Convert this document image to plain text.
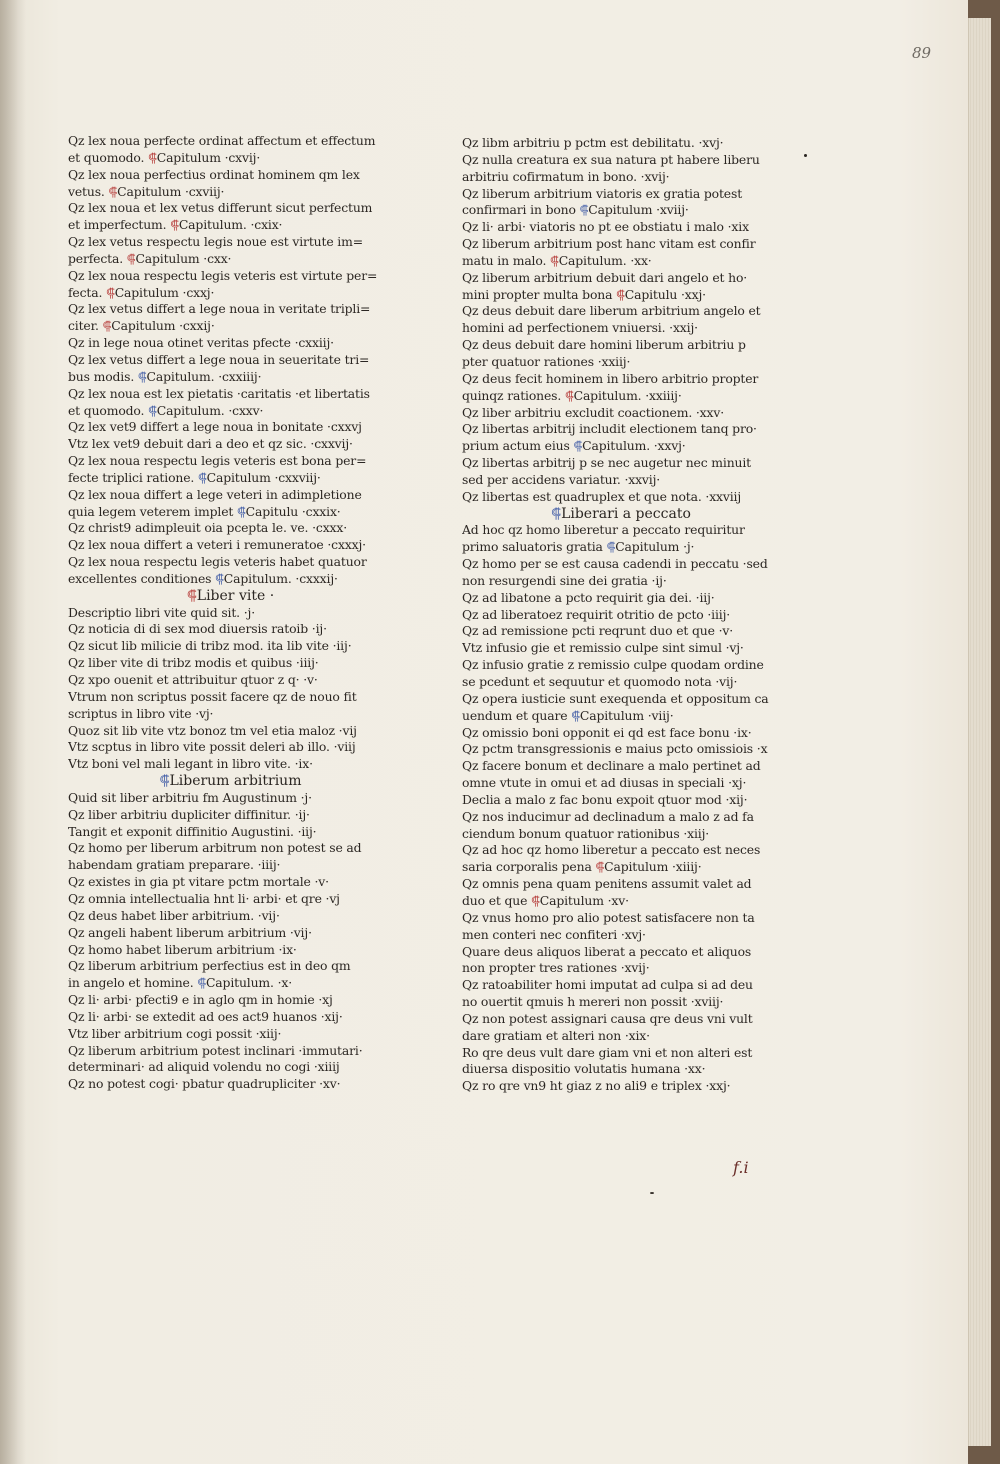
89
Qz lex noua perfecte ordinat affectum et effectum
et quomodo. ⸿Capitulum ·cxvij·
Qz lex noua perfectius ordinat hominem qm lex
vetus. ⸿Capitulum ·cxviij·
Qz lex noua et lex vetus differunt sicut perfectum
et imperfectum. ⸿Capitulum. ·cxix·
Qz lex vetus respectu legis noue est virtute im=
perfecta. ⸿Capitulum ·cxx·
Qz lex noua respectu legis veteris est virtute per=
fecta. ⸿Capitulum ·cxxj·
Qz lex vetus differt a lege noua in veritate tripli=
citer. ⸿Capitulum ·cxxij·
Qz in lege noua otinet veritas pfecte ·cxxiij·
Qz lex vetus differt a lege noua in seueritate tri=
bus modis. ⸿Capitulum. ·cxxiiij·
Qz lex noua est lex pietatis ·caritatis ·et libertatis
et quomodo. ⸿Capitulum. ·cxxv·
Qz lex vet9 differt a lege noua in bonitate ·cxxvj
Vtz lex vet9 debuit dari a deo et qz sic. ·cxxvij·
Qz lex noua respectu legis veteris est bona per=
fecte triplici ratione. ⸿Capitulum ·cxxviij·
Qz lex noua differt a lege veteri in adimpletione
quia legem veterem implet ⸿Capitulu ·cxxix·
Qz christ9 adimpleuit oia pcepta le. ve. ·cxxx·
Qz lex noua differt a veteri i remuneratoe ·cxxxj·
Qz lex noua respectu legis veteris habet quatuor
excellentes conditiones ⸿Capitulum. ·cxxxij·
⸿Liber vite ·
Descriptio libri vite quid sit. ·j·
Qz noticia di di sex mod diuersis ratoib ·ij·
Qz sicut lib milicie di tribz mod. ita lib vite ·iij·
Qz liber vite di tribz modis et quibus ·iiij·
Qz xpo ouenit et attribuitur qtuor z q· ·v·
Vtrum non scriptus possit facere qz de nouo fit
scriptus in libro vite ·vj·
Quoz sit lib vite vtz bonoz tm vel etia maloz ·vij
Vtz scptus in libro vite possit deleri ab illo. ·viij
Vtz boni vel mali legant in libro vite. ·ix·
⸿Liberum arbitrium
Quid sit liber arbitriu fm Augustinum ·j·
Qz liber arbitriu dupliciter diffinitur. ·ij·
Tangit et exponit diffinitio Augustini. ·iij·
Qz homo per liberum arbitrum non potest se ad
habendam gratiam preparare. ·iiij·
Qz existes in gia pt vitare pctm mortale ·v·
Qz omnia intellectualia hnt li· arbi· et qre ·vj
Qz deus habet liber arbitrium. ·vij·
Qz angeli habent liberum arbitrium ·vij·
Qz homo habet liberum arbitrium ·ix·
Qz liberum arbitrium perfectius est in deo qm
in angelo et homine. ⸿Capitulum. ·x·
Qz li· arbi· pfecti9 e in aglo qm in homie ·xj
Qz li· arbi· se extedit ad oes act9 huanos ·xij·
Vtz liber arbitrium cogi possit ·xiij·
Qz liberum arbitrium potest inclinari ·immutari·
determinari· ad aliquid volendu no cogi ·xiiij
Qz no potest cogi· pbatur quadrupliciter ·xv·
Qz libm arbitriu p pctm est debilitatu. ·xvj·
Qz nulla creatura ex sua natura pt habere liberu
arbitriu cofirmatum in bono. ·xvij·
Qz liberum arbitrium viatoris ex gratia potest
confirmari in bono ⸿Capitulum ·xviij·
Qz li· arbi· viatoris no pt ee obstiatu i malo ·xix
Qz liberum arbitrium post hanc vitam est confir
matu in malo. ⸿Capitulum. ·xx·
Qz liberum arbitrium debuit dari angelo et ho·
mini propter multa bona ⸿Capitulu ·xxj·
Qz deus debuit dare liberum arbitrium angelo et
homini ad perfectionem vniuersi. ·xxij·
Qz deus debuit dare homini liberum arbitriu p
pter quatuor rationes ·xxiij·
Qz deus fecit hominem in libero arbitrio propter
quinqz rationes. ⸿Capitulum. ·xxiiij·
Qz liber arbitriu excludit coactionem. ·xxv·
Qz libertas arbitrij includit electionem tanq pro·
prium actum eius ⸿Capitulum. ·xxvj·
Qz libertas arbitrij p se nec augetur nec minuit
sed per accidens variatur. ·xxvij·
Qz libertas est quadruplex et que nota. ·xxviij
⸿Liberari a peccato
Ad hoc qz homo liberetur a peccato requiritur
primo saluatoris gratia ⸿Capitulum ·j·
Qz homo per se est causa cadendi in peccatu ·sed
non resurgendi sine dei gratia ·ij·
Qz ad libatone a pcto requirit gia dei. ·iij·
Qz ad liberatoez requirit otritio de pcto ·iiij·
Qz ad remissione pcti reqrunt duo et que ·v·
Vtz infusio gie et remissio culpe sint simul ·vj·
Qz infusio gratie z remissio culpe quodam ordine
se pcedunt et sequutur et quomodo nota ·vij·
Qz opera iusticie sunt exequenda et oppositum ca
uendum et quare ⸿Capitulum ·viij·
Qz omissio boni opponit ei qd est face bonu ·ix·
Qz pctm transgressionis e maius pcto omissiois ·x
Qz facere bonum et declinare a malo pertinet ad
omne vtute in omui et ad diusas in speciali ·xj·
Declia a malo z fac bonu expoit qtuor mod ·xij·
Qz nos inducimur ad declinadum a malo z ad fa
ciendum bonum quatuor rationibus ·xiij·
Qz ad hoc qz homo liberetur a peccato est neces
saria corporalis pena ⸿Capitulum ·xiiij·
Qz omnis pena quam penitens assumit valet ad
duo et que ⸿Capitulum ·xv·
Qz vnus homo pro alio potest satisfacere non ta
men conteri nec confiteri ·xvj·
Quare deus aliquos liberat a peccato et aliquos
non propter tres rationes ·xvij·
Qz ratoabiliter homi imputat ad culpa si ad deu
no ouertit qmuis h mereri non possit ·xviij·
Qz non potest assignari causa qre deus vni vult
dare gratiam et alteri non ·xix·
Ro qre deus vult dare giam vni et non alteri est
diuersa dispositio volutatis humana ·xx·
Qz ro qre vn9 ht giaz z no ali9 e triplex ·xxj·
f.i
